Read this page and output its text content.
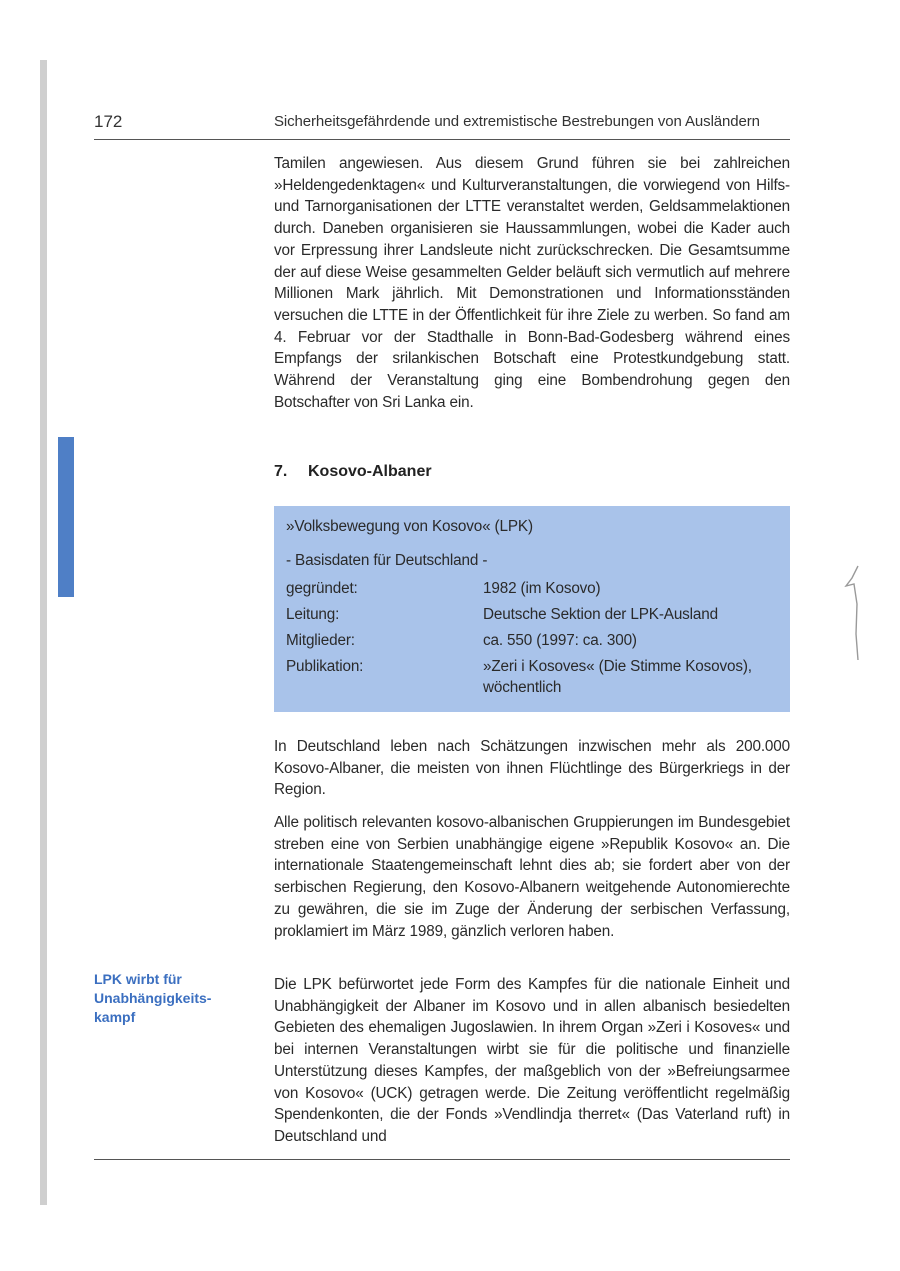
172	Sicherheitsgefährdende und extremistische Bestrebungen von Ausländern

Tamilen angewiesen. Aus diesem Grund führen sie bei zahlreichen »Heldengedenktagen« und Kulturveranstaltungen, die vorwiegend von Hilfs- und Tarnorganisationen der LTTE veranstaltet werden, Geldsammelaktionen durch. Daneben organisieren sie Haussammlungen, wobei die Kader auch vor Erpressung ihrer Landsleute nicht zurückschrecken. Die Gesamtsumme der auf diese Weise gesammelten Gelder beläuft sich vermutlich auf mehrere Millionen Mark jährlich. Mit Demonstrationen und Informationsständen versuchen die LTTE in der Öffentlichkeit für ihre Ziele zu werben. So fand am 4. Februar vor der Stadthalle in Bonn-Bad-Godesberg während eines Empfangs der srilankischen Botschaft eine Protestkundgebung statt. Während der Veranstaltung ging eine Bombendrohung gegen den Botschafter von Sri Lanka ein.

7. Kosovo-Albaner
»Volksbewegung von Kosovo« (LPK)
- Basisdaten für Deutschland -
gegründet:	1982 (im Kosovo)
Leitung:	Deutsche Sektion der LPK-Ausland
Mitglieder:	ca. 550 (1997: ca. 300)
Publikation:	»Zeri i Kosoves« (Die Stimme Kosovos), wöchentlich

In Deutschland leben nach Schätzungen inzwischen mehr als 200.000 Kosovo-Albaner, die meisten von ihnen Flüchtlinge des Bürgerkriegs in der Region.

Alle politisch relevanten kosovo-albanischen Gruppierungen im Bundesgebiet streben eine von Serbien unabhängige eigene »Republik Kosovo« an. Die internationale Staatengemeinschaft lehnt dies ab; sie fordert aber von der serbischen Regierung, den Kosovo-Albanern weitgehende Autonomierechte zu gewähren, die sie im Zuge der Änderung der serbischen Verfassung, proklamiert im März 1989, gänzlich verloren haben.

LPK wirbt für
Unabhängigkeits-
kampf

Die LPK befürwortet jede Form des Kampfes für die nationale Einheit und Unabhängigkeit der Albaner im Kosovo und in allen albanisch besiedelten Gebieten des ehemaligen Jugoslawien. In ihrem Organ »Zeri i Kosoves« und bei internen Veranstaltungen wirbt sie für die politische und finanzielle Unterstützung dieses Kampfes, der maßgeblich von der »Befreiungsarmee von Kosovo« (UCK) getragen werde. Die Zeitung veröffentlicht regelmäßig Spendenkonten, die der Fonds »Vendlindja therret« (Das Vaterland ruft) in Deutschland und
